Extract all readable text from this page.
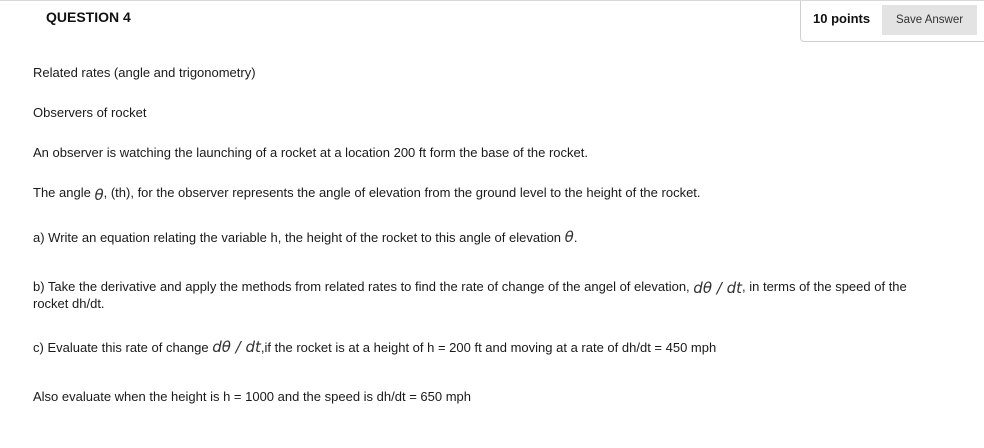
QUESTION 4	10 points	Save Answer
Related rates (angle and trigonometry)
Observers of rocket
An observer is watching the launching of a rocket at a location 200 ft form the base of the rocket.
The angle θ, (th), for the observer represents the angle of elevation from the ground level to the height of the rocket.
a) Write an equation relating the variable h, the height of the rocket to this angle of elevation θ.
b) Take the derivative and apply the methods from related rates to find the rate of change of the angel of elevation, dθ / dt, in terms of the speed of the
rocket dh/dt.
c) Evaluate this rate of change dθ / dt,if the rocket is at a height of h = 200 ft and moving at a rate of dh/dt = 450 mph
Also evaluate when the height is h = 1000 and the speed is dh/dt = 650 mph
